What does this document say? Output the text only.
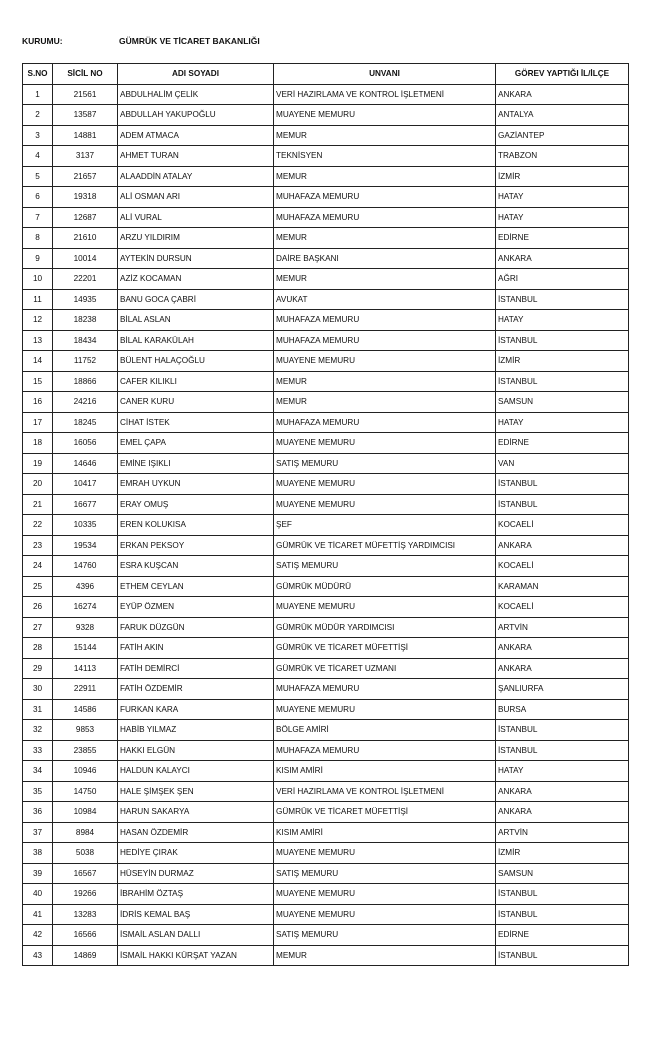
KURUMU:	GÜMRÜK VE TİCARET BAKANLIĞI
S.NO	SİCİL NO	ADI SOYADI	UNVANI	GÖREV YAPTIĞI İL/İLÇE
1	21561	ABDULHALİM ÇELİK	VERİ HAZIRLAMA VE KONTROL İŞLETMENİ	ANKARA
2	13587	ABDULLAH YAKUPOĞLU	MUAYENE MEMURU	ANTALYA
3	14881	ADEM ATMACA	MEMUR	GAZİANTEP
4	3137	AHMET TURAN	TEKNİSYEN	TRABZON
5	21657	ALAADDİN ATALAY	MEMUR	İZMİR
6	19318	ALİ OSMAN ARI	MUHAFAZA MEMURU	HATAY
7	12687	ALİ VURAL	MUHAFAZA MEMURU	HATAY
8	21610	ARZU YILDIRIM	MEMUR	EDİRNE
9	10014	AYTEKİN DURSUN	DAİRE BAŞKANI	ANKARA
10	22201	AZİZ KOCAMAN	MEMUR	AĞRI
11	14935	BANU GOCA ÇABRİ	AVUKAT	İSTANBUL
12	18238	BİLAL ASLAN	MUHAFAZA MEMURU	HATAY
13	18434	BİLAL KARAKÜLAH	MUHAFAZA MEMURU	İSTANBUL
14	11752	BÜLENT HALAÇOĞLU	MUAYENE MEMURU	İZMİR
15	18866	CAFER KILIKLI	MEMUR	İSTANBUL
16	24216	CANER KURU	MEMUR	SAMSUN
17	18245	CİHAT İSTEK	MUHAFAZA MEMURU	HATAY
18	16056	EMEL ÇAPA	MUAYENE MEMURU	EDİRNE
19	14646	EMİNE IŞIKLI	SATIŞ MEMURU	VAN
20	10417	EMRAH UYKUN	MUAYENE MEMURU	İSTANBUL
21	16677	ERAY OMUŞ	MUAYENE MEMURU	İSTANBUL
22	10335	EREN KOLUKISA	ŞEF	KOCAELİ
23	19534	ERKAN PEKSOY	GÜMRÜK VE TİCARET MÜFETTİŞ YARDIMCISI	ANKARA
24	14760	ESRA KUŞCAN	SATIŞ MEMURU	KOCAELİ
25	4396	ETHEM CEYLAN	GÜMRÜK MÜDÜRÜ	KARAMAN
26	16274	EYÜP ÖZMEN	MUAYENE MEMURU	KOCAELİ
27	9328	FARUK DÜZGÜN	GÜMRÜK MÜDÜR YARDIMCISI	ARTVİN
28	15144	FATİH AKIN	GÜMRÜK VE TİCARET MÜFETTİŞİ	ANKARA
29	14113	FATİH DEMİRCİ	GÜMRÜK VE TİCARET UZMANI	ANKARA
30	22911	FATİH ÖZDEMİR	MUHAFAZA MEMURU	ŞANLIURFA
31	14586	FURKAN KARA	MUAYENE MEMURU	BURSA
32	9853	HABİB YILMAZ	BÖLGE AMİRİ	İSTANBUL
33	23855	HAKKI ELGÜN	MUHAFAZA MEMURU	İSTANBUL
34	10946	HALDUN KALAYCI	KISIM AMİRİ	HATAY
35	14750	HALE ŞİMŞEK ŞEN	VERİ HAZIRLAMA VE KONTROL İŞLETMENİ	ANKARA
36	10984	HARUN SAKARYA	GÜMRÜK VE TİCARET MÜFETTİŞİ	ANKARA
37	8984	HASAN ÖZDEMİR	KISIM AMİRİ	ARTVİN
38	5038	HEDİYE ÇIRAK	MUAYENE MEMURU	İZMİR
39	16567	HÜSEYİN DURMAZ	SATIŞ MEMURU	SAMSUN
40	19266	İBRAHİM ÖZTAŞ	MUAYENE MEMURU	İSTANBUL
41	13283	İDRİS KEMAL BAŞ	MUAYENE MEMURU	İSTANBUL
42	16566	İSMAİL ASLAN DALLI	SATIŞ MEMURU	EDİRNE
43	14869	İSMAİL HAKKI KÜRŞAT YAZAN	MEMUR	İSTANBUL
